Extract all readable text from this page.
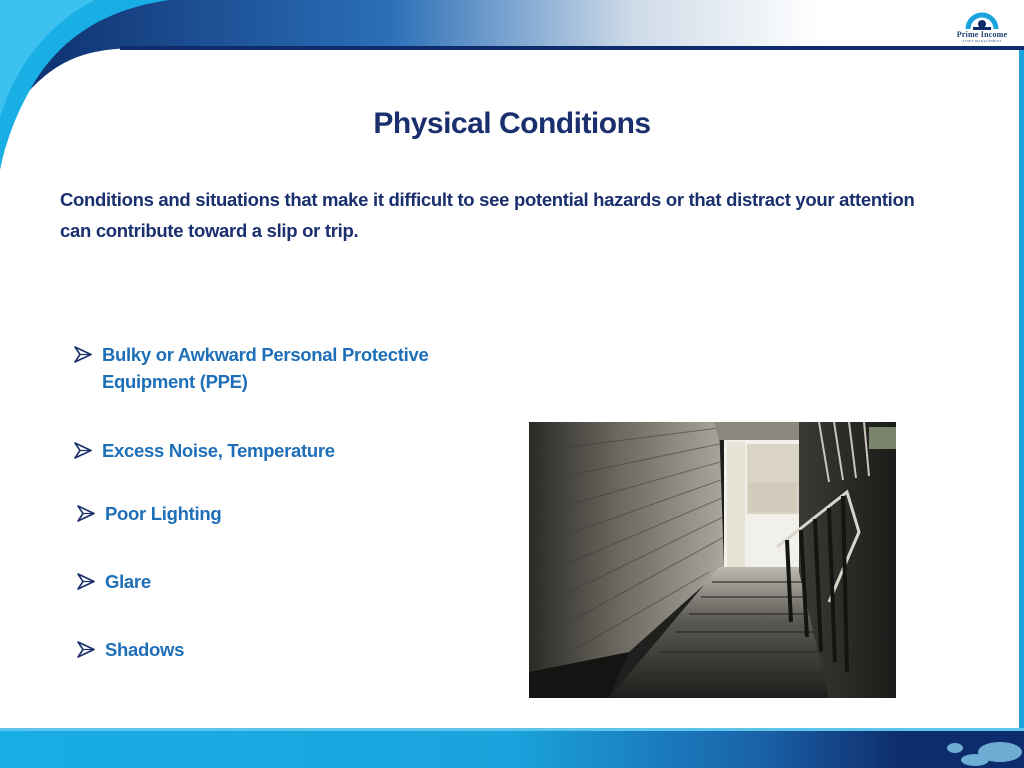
Prime Income
ASSET MANAGEMENT
Physical Conditions
Conditions and situations that make it difficult to see potential hazards or that distract your attention can contribute toward a slip or trip.
Bulky or Awkward Personal Protective
Equipment (PPE)
Excess Noise, Temperature
Poor Lighting
Glare
Shadows
